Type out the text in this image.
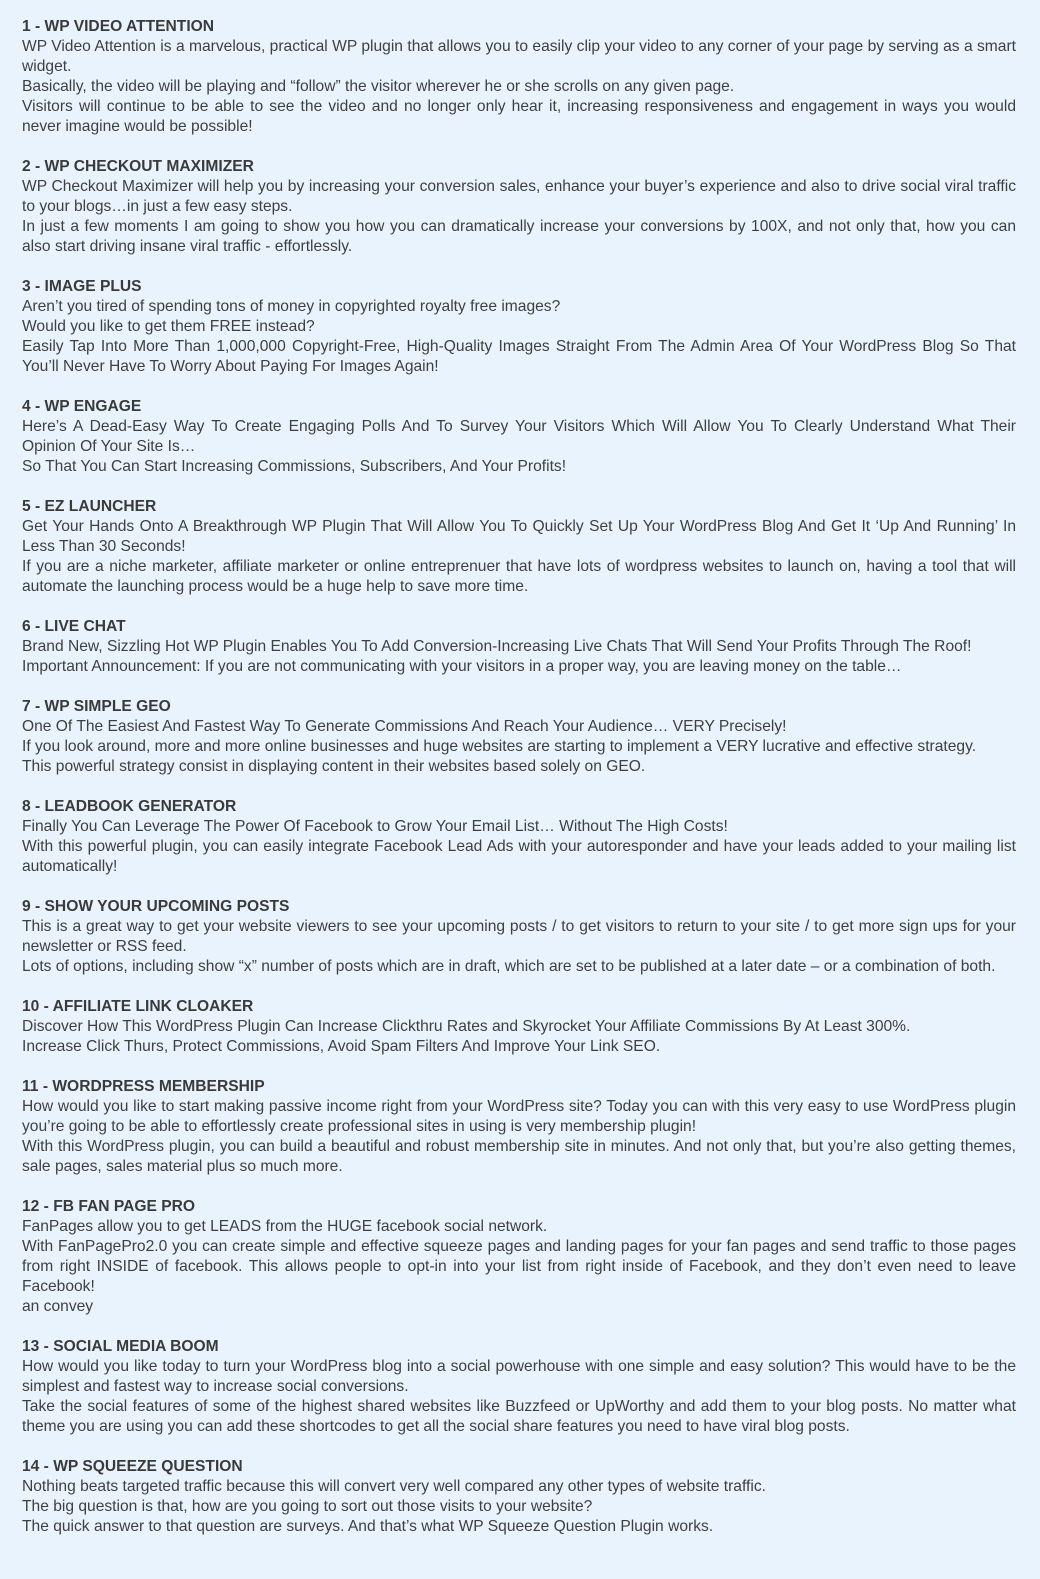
1 - WP VIDEO ATTENTION

WP Video Attention is a marvelous, practical WP plugin that allows you to easily clip your video to any corner of your page by serving as a smart widget.

Basically, the video will be playing and “follow” the visitor wherever he or she scrolls on any given page.

Visitors will continue to be able to see the video and no longer only hear it, increasing responsiveness and engagement in ways you would never imagine would be possible!

2 - WP CHECKOUT MAXIMIZER

WP Checkout Maximizer will help you by increasing your conversion sales, enhance your buyer’s experience and also to drive social viral traffic to your blogs…in just a few easy steps.

In just a few moments I am going to show you how you can dramatically increase your conversions by 100X, and not only that, how you can also start driving insane viral traffic - effortlessly.

3 - IMAGE PLUS

Aren’t you tired of spending tons of money in copyrighted royalty free images?

Would you like to get them FREE instead?

Easily Tap Into More Than 1,000,000 Copyright-Free, High-Quality Images Straight From The Admin Area Of Your WordPress Blog So That You’ll Never Have To Worry About Paying For Images Again!

4 - WP ENGAGE

Here’s A Dead-Easy Way To Create Engaging Polls And To Survey Your Visitors Which Will Allow You To Clearly Understand What Their Opinion Of Your Site Is…

So That You Can Start Increasing Commissions, Subscribers, And Your Profits!

5 - EZ LAUNCHER

Get Your Hands Onto A Breakthrough WP Plugin That Will Allow You To Quickly Set Up Your WordPress Blog And Get It ‘Up And Running’ In Less Than 30 Seconds!

If you are a niche marketer, affiliate marketer or online entreprenuer that have lots of wordpress websites to launch on, having a tool that will automate the launching process would be a huge help to save more time.

6 - LIVE CHAT

Brand New, Sizzling Hot WP Plugin Enables You To Add Conversion-Increasing Live Chats That Will Send Your Profits Through The Roof!

Important Announcement: If you are not communicating with your visitors in a proper way, you are leaving money on the table…

7 - WP SIMPLE GEO

One Of The Easiest And Fastest Way To Generate Commissions And Reach Your Audience… VERY Precisely!

If you look around, more and more online businesses and huge websites are starting to implement a VERY lucrative and effective strategy.

This powerful strategy consist in displaying content in their websites based solely on GEO.

8 - LEADBOOK GENERATOR

Finally You Can Leverage The Power Of Facebook to Grow Your Email List… Without The High Costs!

With this powerful plugin, you can easily integrate Facebook Lead Ads with your autoresponder and have your leads added to your mailing list automatically!

9 - SHOW YOUR UPCOMING POSTS

This is a great way to get your website viewers to see your upcoming posts / to get visitors to return to your site / to get more sign ups for your newsletter or RSS feed.

Lots of options, including show “x” number of posts which are in draft, which are set to be published at a later date – or a combination of both.

10 - AFFILIATE LINK CLOAKER

Discover How This WordPress Plugin Can Increase Clickthru Rates and Skyrocket Your Affiliate Commissions By At Least 300%.

Increase Click Thurs, Protect Commissions, Avoid Spam Filters And Improve Your Link SEO.

11 - WORDPRESS MEMBERSHIP

How would you like to start making passive income right from your WordPress site? Today you can with this very easy to use WordPress plugin you’re going to be able to effortlessly create professional sites in using is very membership plugin!

With this WordPress plugin, you can build a beautiful and robust membership site in minutes. And not only that, but you’re also getting themes, sale pages, sales material plus so much more.

12 - FB FAN PAGE PRO

FanPages allow you to get LEADS from the HUGE facebook social network.

With FanPagePro2.0 you can create simple and effective squeeze pages and landing pages for your fan pages and send traffic to those pages from right INSIDE of facebook. This allows people to opt-in into your list from right inside of Facebook, and they don’t even need to leave Facebook!

an convey

13 - SOCIAL MEDIA BOOM

How would you like today to turn your WordPress blog into a social powerhouse with one simple and easy solution? This would have to be the simplest and fastest way to increase social conversions.

Take the social features of some of the highest shared websites like Buzzfeed or UpWorthy and add them to your blog posts. No matter what theme you are using you can add these shortcodes to get all the social share features you need to have viral blog posts.

14 - WP SQUEEZE QUESTION

Nothing beats targeted traffic because this will convert very well compared any other types of website traffic.

The big question is that, how are you going to sort out those visits to your website?

The quick answer to that question are surveys. And that’s what WP Squeeze Question Plugin works.
